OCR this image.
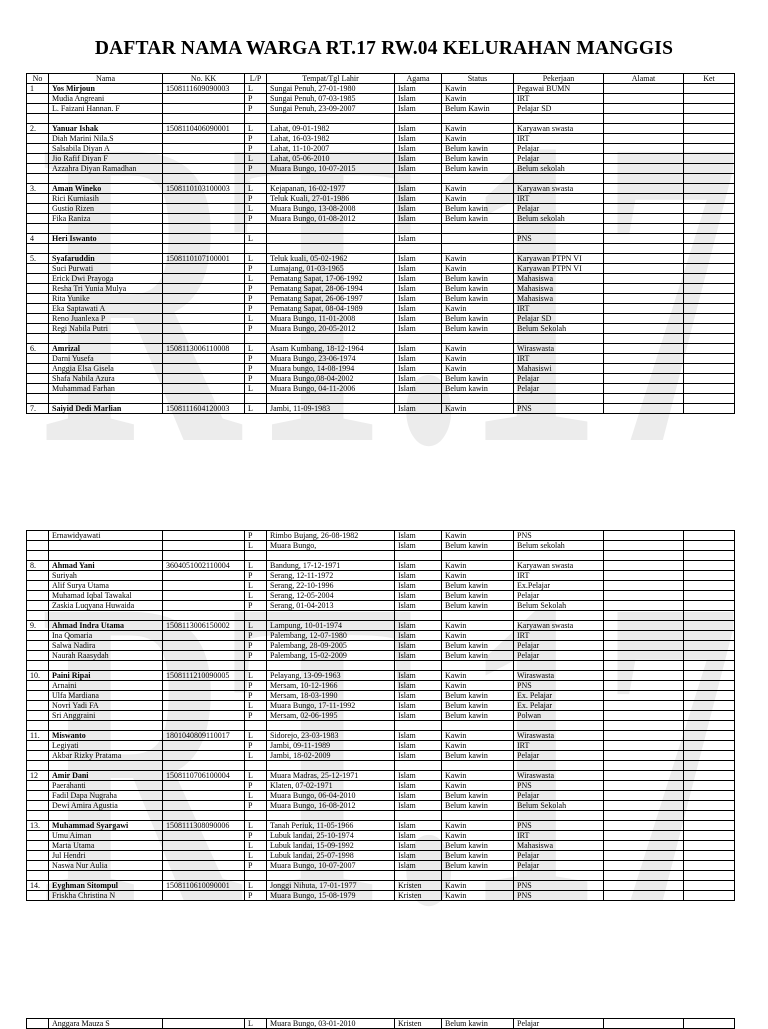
RT.17
RT.17
DAFTAR NAMA WARGA RT.17 RW.04 KELURAHAN MANGGIS
No	Nama	No. KK	L/P	Tempat/Tgl Lahir	Agama	Status	Pekerjaan	Alamat	Ket
1	Yos Mirjoun	1508111609090003	L	Sungai Penuh, 27-01-1980	Islam	Kawin	Pegawai BUMN		
	Mudia Angreani		P	Sungai Penuh, 07-03-1985	Islam	Kawin	IRT		
	L. Faizani Hannan. F		P	Sungai Penuh, 23-09-2007	Islam	Belum Kawin	Pelajar SD		

2.	Yanuar Ishak	1508110406090001	L	Lahat, 09-01-1982	Islam	Kawin	Karyawan swasta		
	Diah Marini Nila.S		P	Lahat, 16-03-1982	Islam	Kawin	IRT		
	Salsabila Diyan A		P	Lahat, 11-10-2007	Islam	Belum kawin	Pelajar		
	Jio Rafif Diyan F		L	Lahat, 05-06-2010	Islam	Belum kawin	Pelajar		
	Azzahra Diyan Ramadhan		P	Muara Bungo, 10-07-2015	Islam	Belum kawin	Belum sekolah		

3.	Aman Wineko	1508110103100003	L	Kejapanan, 16-02-1977	Islam	Kawin	Karyawan swasta		
	Rici Kurniasih		P	Teluk Kuali, 27-01-1986	Islam	Kawin	IRT		
	Gustio Rizen		L	Muara Bungo, 13-08-2008	Islam	Belum kawin	Pelajar		
	Fika Raniza		P	Muara Bungo, 01-08-2012	Islam	Belum kawin	Belum sekolah		

4	Heri Iswanto		L		Islam		PNS		

5.	Syafaruddin	1508110107100001	L	Teluk kuali, 05-02-1962	Islam	Kawin	Karyawan PTPN VI		
	Suci Purwati		P	Lumajang, 01-03-1965	Islam	Kawin	Karyawan PTPN VI		
	Erick Dwi Prayoga		L	Pematang Sapat, 17-06-1992	Islam	Belum kawin	Mahasiswa		
	Resha Tri Yunia Mulya		P	Pematang Sapat, 28-06-1994	Islam	Belum kawin	Mahasiswa		
	Rita Yunike		P	Pematang Sapat, 26-06-1997	Islam	Belum kawin	Mahasiswa		
	Eka Saptawati A		P	Pematang Sapat, 08-04-1989	Islam	Kawin	IRT		
	Reno Juanlexa P		L	Muara Bungo, 11-01-2008	Islam	Belum kawin	Pelajar SD		
	Regi Nabila Putri		P	Muara Bungo, 20-05-2012	Islam	Belum kawin	Belum Sekolah		

6.	Amrizal	1508113006110008	L	Asam Kumbang, 18-12-1964	Islam	Kawin	Wiraswasta		
	Darni Yusefa		P	Muara Bungo, 23-06-1974	Islam	Kawin	IRT		
	Anggia Elsa Gisela		P	Muara bungo, 14-08-1994	Islam	Kawin	Mahasiswi		
	Shafa Nabila Azura		P	Muara Bungo,08-04-2002	Islam	Belum kawin	Pelajar		
	Muhammad Farhan		L	Muara Bungo, 04-11-2006	Islam	Belum kawin	Pelajar		

7.	Saiyid Dedi Marlian	1508111604120003	L	Jambi, 11-09-1983	Islam	Kawin	PNS		
	Ernawidyawati		P	Rimbo Bujang, 26-08-1982	Islam	Kawin	PNS		
			L	Muara Bungo,	Islam	Belum kawin	Belum sekolah		

8.	Ahmad Yani	3604051002110004	L	Bandung, 17-12-1971	Islam	Kawin	Karyawan swasta		
	Suriyah		P	Serang, 12-11-1972	Islam	Kawin	IRT		
	Alif Surya Utama		L	Serang, 22-10-1996	Islam	Belum kawin	Ex.Pelajar		
	Muhamad Iqbal Tawakal		L	Serang, 12-05-2004	Islam	Belum kawin	Pelajar		
	Zaskia Luqyana Huwaida		P	Serang, 01-04-2013	Islam	Belum kawin	Belum Sekolah		

9.	Ahmad Indra Utama	1508113006150002	L	Lampung, 10-01-1974	Islam	Kawin	Karyawan swasta		
	Ina Qomaria		P	Palembang, 12-07-1980	Islam	Kawin	IRT		
	Salwa Nadira		P	Palembang, 28-09-2005	Islam	Belum kawin	Pelajar		
	Naurah Raasydah		P	Palembang, 15-02-2009	Islam	Belum kawin	Pelajar		

10.	Paini Ripai	1508111210090005	L	Pelayang, 13-09-1963	Islam	Kawin	Wiraswasta		
	Arnaini		P	Mersam, 10-12-1966	Islam	Kawin	PNS		
	Ulfa Mardiana		P	Mersam, 18-03-1990	Islam	Belum kawin	Ex. Pelajar		
	Novri Yadi FA		L	Muara Bungo, 17-11-1992	Islam	Belum kawin	Ex. Pelajar		
	Sri Anggraini		P	Mersam, 02-06-1995	Islam	Belum kawin	Polwan		

11.	Miswanto	1801040809110017	L	Sidorejo, 23-03-1983	Islam	Kawin	Wiraswasta		
	Legiyati		P	Jambi, 09-11-1989	Islam	Kawin	IRT		
	Akbar Rizky Pratama		L	Jambi, 18-02-2009	Islam	Belum kawin	Pelajar		

12	Amir Dani	1508110706100004	L	Muara Madras, 25-12-1971	Islam	Kawin	Wiraswasta		
	Paerahanti		P	Klaten, 07-02-1971	Islam	Kawin	PNS		
	Fadil Dapa Nugraha		L	Muara Bungo, 06-04-2010	Islam	Belum kawin	Pelajar		
	Dewi Amira Agustia		P	Muara Bungo, 16-08-2012	Islam	Belum kawin	Belum Sekolah		

13.	Muhammad Syargawi	1508111308090006	L	Tanah Periuk, 11-05-1966	Islam	Kawin	PNS		
	Umu Aiman		P	Lubuk landai, 25-10-1974	Islam	Kawin	IRT		
	Marta Utama		L	Lubuk landai, 15-09-1992	Islam	Belum kawin	Mahasiswa		
	Jul Hendri		L	Lubuk landai, 25-07-1998	Islam	Belum kawin	Pelajar		
	Naswa Nur Aulia		P	Muara Bungo, 10-07-2007	Islam	Belum kawin	Pelajar		

14.	Eyghman Sitompul	1508110610090001	L	Jonggi Nihuta, 17-01-1977	Kristen	Kawin	PNS		
	Friskha Christina N		P	Muara Bungo, 15-08-1979	Kristen	Kawin	PNS		
	Anggara Mauza S		L	Muara Bungo, 03-01-2010	Kristen	Belum kawin	Pelajar		
